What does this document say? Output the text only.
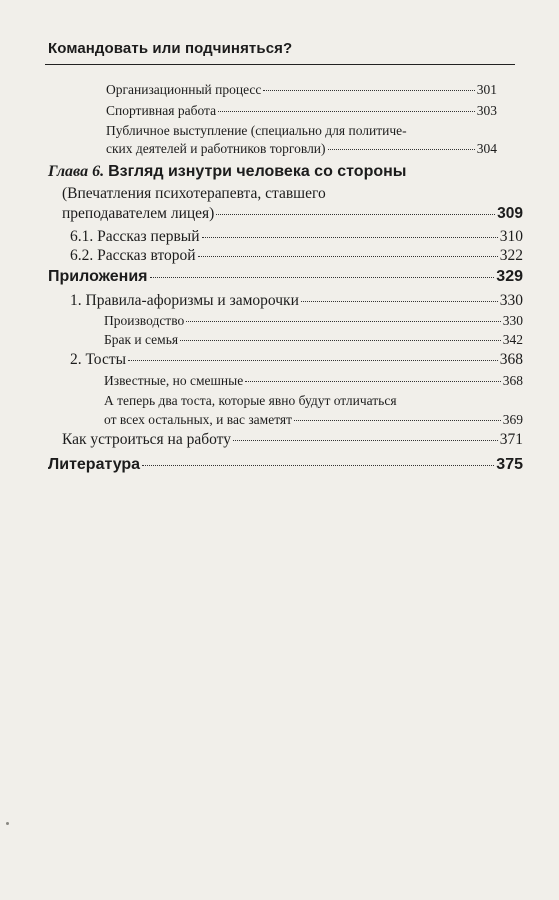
Командовать или подчиняться?
Организационный процесс	301
Спортивная работа	303
Публичное выступление (специально для политиче-
ских деятелей и работников торговли)	304
Глава 6. Взгляд изнутри человека со стороны
(Впечатления психотерапевта, ставшего
преподавателем лицея)	309
6.1. Рассказ первый	310
6.2. Рассказ второй	322
Приложения	329
1. Правила-афоризмы и заморочки	330
Производство	330
Брак и семья	342
2. Тосты	368
Известные, но смешные	368
А теперь два тоста, которые явно будут отличаться
от всех остальных, и вас заметят	369
Как устроиться на работу	371
Литература	375
